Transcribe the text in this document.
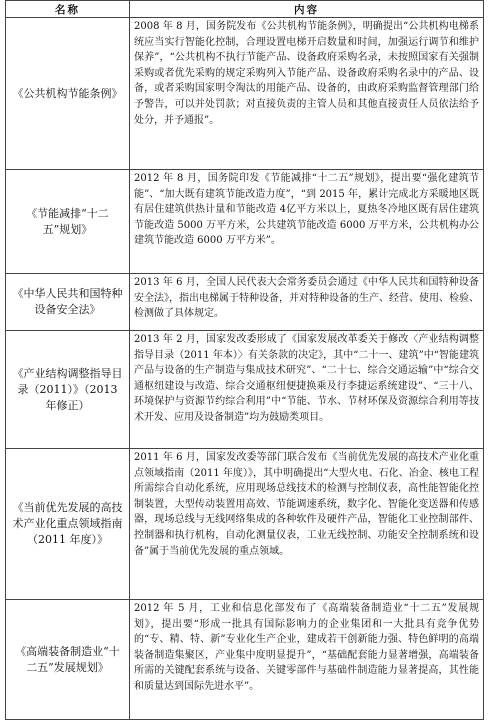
名称	内容
《公共机构节能条例》	2008 年 8 月，国务院发布《公共机构节能条例》，明确提出“公共机构电梯系统应当实行智能化控制，合理设置电梯开启数量和时间，加强运行调节和维护保养”，“公共机构不执行节能产品、设备政府采购名录，未按照国家有关强制采购或者优先采购的规定采购列入节能产品、设备政府采购名录中的产品、设备，或者采购国家明令淘汰的用能产品、设备的，由政府采购监督管理部门给予警告，可以并处罚款；对直接负责的主管人员和其他直接责任人员依法给予处分，并予通报”。
《节能减排“十二五”规划》	2012 年 8 月，国务院印发《节能减排“十二五”规划》，提出要“强化建筑节能”、“加大既有建筑节能改造力度”，“到 2015 年，累计完成北方采暖地区既有居住建筑供热计量和节能改造 4亿平方米以上，夏热冬冷地区既有居住建筑节能改造 5000 万平方米，公共建筑节能改造 6000 万平方米，公共机构办公建筑节能改造 6000 万平方米”。
《中华人民共和国特种设备安全法》	2013 年 6 月，全国人民代表大会常务委员会通过《中华人民共和国特种设备安全法》，指出电梯属于特种设备，并对特种设备的生产、经营、使用、检验、检测做了具体规定。
《产业结构调整指导目录（2011）》（2013 年修正）	2013 年 2 月，国家发改委形成了《国家发展改革委关于修改〈产业结构调整指导目录（2011 年本）〉有关条款的决定》，其中“二十一、建筑”中“智能建筑产品与设备的生产制造与集成技术研究”、“二十七、综合交通运输”中“综合交通枢纽建设与改造、综合交通枢纽便捷换乘及行李捷运系统建设”、“三十八、环境保护与资源节约综合利用”中“节能、节水、节材环保及资源综合利用等技术开发、应用及设备制造”均为鼓励类项目。
《当前优先发展的高技术产业化重点领域指南（2011 年度）》	2011 年 6 月，国家发改委等部门联合发布《当前优先发展的高技术产业化重点领域指南（2011 年度）》，其中明确提出“大型火电、石化、冶金、核电工程所需综合自动化系统，应用现场总线技术的检测与控制仪表，高性能智能化控制装置，大型传动装置用高效、节能调速系统，数字化、智能化变送器和传感器，现场总线与无线网络集成的各种软件及硬件产品，智能化工业控制部件、控制器和执行机构，自动化测量仪表，工业无线控制、功能安全控制系统和设备”属于当前优先发展的重点领域。
《高端装备制造业“十二五”发展规划》	2012 年 5 月，工业和信息化部发布了《高端装备制造业“十二五”发展规划》，提出要“形成一批具有国际影响力的企业集团和一大批具有竞争优势的“专、精、特、新”专业化生产企业，建成若干创新能力强、特色鲜明的高端装备制造集聚区，产业集中度明显提升”，“基础配套能力显著增强，高端装备所需的关键配套系统与设备、关键零部件与基础件制造能力显著提高，其性能和质量达到国际先进水平”。
